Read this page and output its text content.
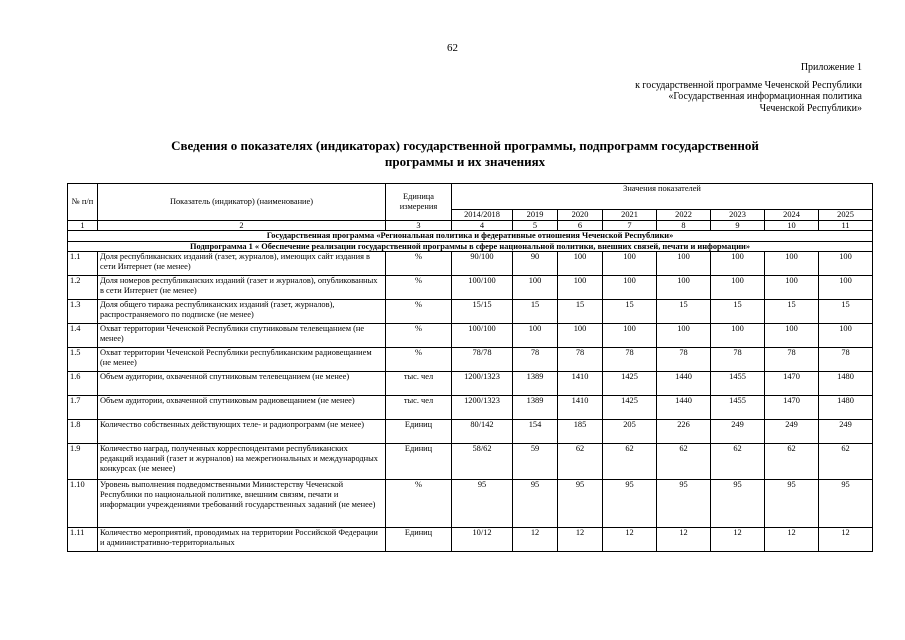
62
Приложение 1
к государственной программе Чеченской Республики
«Государственная информационная политика
Чеченской Республики»
Сведения о показателях (индикаторах) государственной программы, подпрограмм государственной
программы и их значениях
№ п/п	Показатель (индикатор) (наименование)	Единица измерения	Значения показателей							
			2014/2018	2019	2020	2021	2022	2023	2024	2025
1	2	3	4	5	6	7	8	9	10	11
Государственная программа «Региональная политика и федеративные отношения Чеченской Республики»										
Подпрограмма 1 « Обеспечение реализации государственной программы в сфере национальной политики, внешних связей, печати и информации»										
1.1	Доля республиканских изданий (газет, журналов), имеющих сайт издания в сети Интернет (не менее)	%	90/100	90	100	100	100	100	100	100
1.2	Доля номеров республиканских изданий (газет и журналов), опубликованных в сети Интернет (не менее)	%	100/100	100	100	100	100	100	100	100
1.3	Доля общего тиража республиканских изданий (газет, журналов), распространяемого по подписке (не менее)	%	15/15	15	15	15	15	15	15	15
1.4	Охват территории Чеченской Республики спутниковым телевещанием (не менее)	%	100/100	100	100	100	100	100	100	100
1.5	Охват территории Чеченской Республики республиканским радиовещанием (не менее)	%	78/78	78	78	78	78	78	78	78
1.6	Объем аудитории, охваченной спутниковым телевещанием (не менее)	тыс. чел	1200/1323	1389	1410	1425	1440	1455	1470	1480
1.7	Объем аудитории, охваченной спутниковым радиовещанием (не менее)	тыс. чел	1200/1323	1389	1410	1425	1440	1455	1470	1480
1.8	Количество собственных действующих теле- и радиопрограмм (не менее)	Единиц	80/142	154	185	205	226	249	249	249
1.9	Количество наград, полученных корреспондентами республиканских редакций изданий (газет и журналов) на межрегиональных и международных конкурсах (не менее)	Единиц	58/62	59	62	62	62	62	62	62
1.10	Уровень выполнения подведомственными Министерству Чеченской Республики по национальной политике, внешним связям, печати и информации учреждениями требований государственных заданий (не менее)	%	95	95	95	95	95	95	95	95
1.11	Количество мероприятий, проводимых на территории Российской Федерации и административно-территориальных	Единиц	10/12	12	12	12	12	12	12	12
